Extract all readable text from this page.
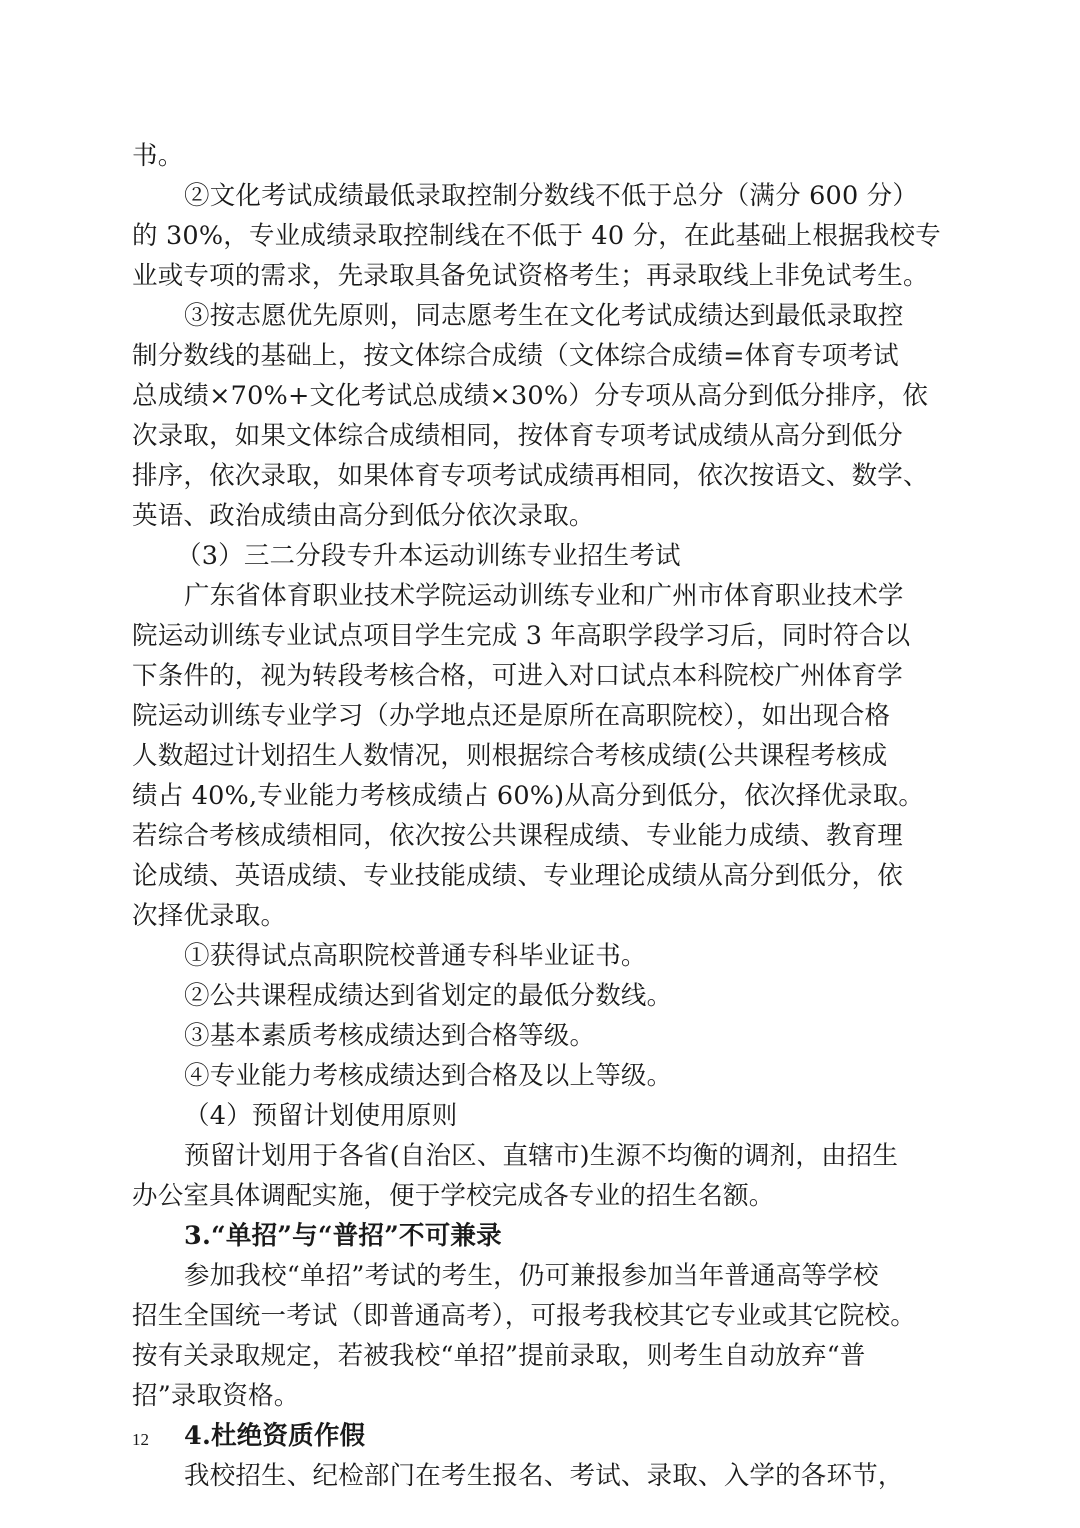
书。
②文化考试成绩最低录取控制分数线不低于总分（满分 600 分）
的 30%，专业成绩录取控制线在不低于 40 分，在此基础上根据我校专
业或专项的需求，先录取具备免试资格考生；再录取线上非免试考生。
③按志愿优先原则，同志愿考生在文化考试成绩达到最低录取控
制分数线的基础上，按文体综合成绩（文体综合成绩=体育专项考试
总成绩×70%+文化考试总成绩×30%）分专项从高分到低分排序，依
次录取，如果文体综合成绩相同，按体育专项考试成绩从高分到低分
排序，依次录取，如果体育专项考试成绩再相同，依次按语文、数学、
英语、政治成绩由高分到低分依次录取。
（3）三二分段专升本运动训练专业招生考试
广东省体育职业技术学院运动训练专业和广州市体育职业技术学
院运动训练专业试点项目学生完成 3 年高职学段学习后，同时符合以
下条件的，视为转段考核合格，可进入对口试点本科院校广州体育学
院运动训练专业学习（办学地点还是原所在高职院校），如出现合格
人数超过计划招生人数情况，则根据综合考核成绩(公共课程考核成
绩占 40%,专业能力考核成绩占 60%)从高分到低分，依次择优录取。
若综合考核成绩相同，依次按公共课程成绩、专业能力成绩、教育理
论成绩、英语成绩、专业技能成绩、专业理论成绩从高分到低分，依
次择优录取。
①获得试点高职院校普通专科毕业证书。
②公共课程成绩达到省划定的最低分数线。
③基本素质考核成绩达到合格等级。
④专业能力考核成绩达到合格及以上等级。
（4）预留计划使用原则
预留计划用于各省(自治区、直辖市)生源不均衡的调剂，由招生
办公室具体调配实施，便于学校完成各专业的招生名额。
3.“单招”与“普招”不可兼录
参加我校“单招”考试的考生，仍可兼报参加当年普通高等学校
招生全国统一考试（即普通高考），可报考我校其它专业或其它院校。
按有关录取规定，若被我校“单招”提前录取，则考生自动放弃“普
招”录取资格。
4.杜绝资质作假
我校招生、纪检部门在考生报名、考试、录取、入学的各环节，
12
